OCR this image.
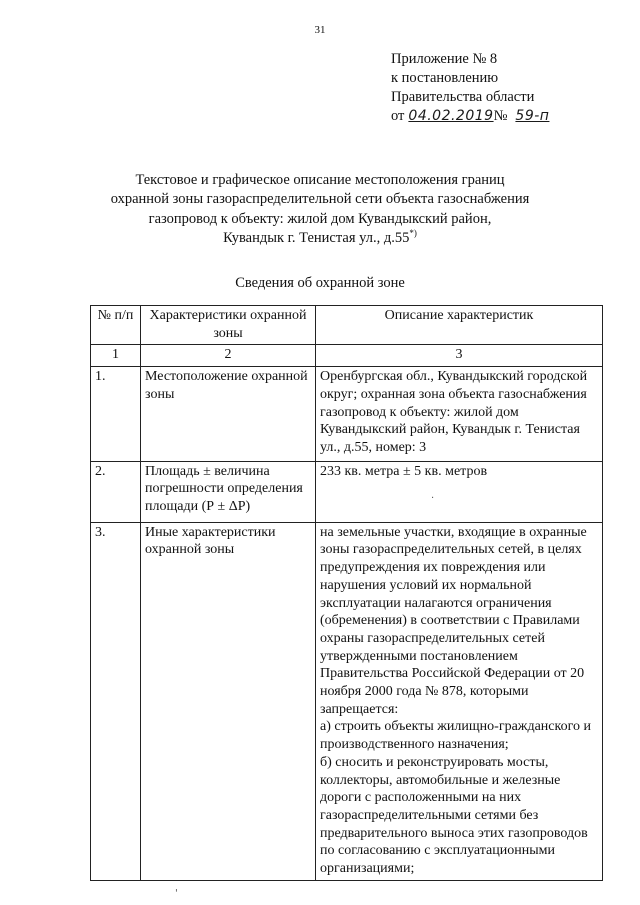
31
Приложение № 8
к постановлению
Правительства области
от 04.02.2019№ 59-п
Текстовое и графическое описание местоположения границ
охранной зоны газораспределительной сети объекта газоснабжения
газопровод к объекту: жилой дом Кувандыкский район,
Кувандык г. Тенистая ул., д.55*)
Сведения об охранной зоне
№ п/п	Характеристики охранной зоны	Описание характеристик
1	2	3
1.	Местоположение охранной зоны	Оренбургская обл., Кувандыкский городской округ; охранная зона объекта газоснабжения газопровод к объекту: жилой дом Кувандыкский район, Кувандык г. Тенистая ул., д.55, номер: 3
2.	Площадь ± величина погрешности определения площади (Р ± ΔР)	233 кв. метра ± 5 кв. метров
3.	Иные характеристики охранной зоны	на земельные участки, входящие в охранные зоны газораспределительных сетей, в целях предупреждения их повреждения или нарушения условий их нормальной эксплуатации налагаются ограничения (обременения) в соответствии с Правилами охраны газораспределительных сетей утвержденными постановлением Правительства Российской Федерации от 20 ноября 2000 года № 878, которыми запрещается:
а) строить объекты жилищно-гражданского и производственного назначения;
б) сносить и реконструировать мосты, коллекторы, автомобильные и железные дороги с расположенными на них газораспределительными сетями без предварительного выноса этих газопроводов по согласованию с эксплуатационными организациями;
'
.
